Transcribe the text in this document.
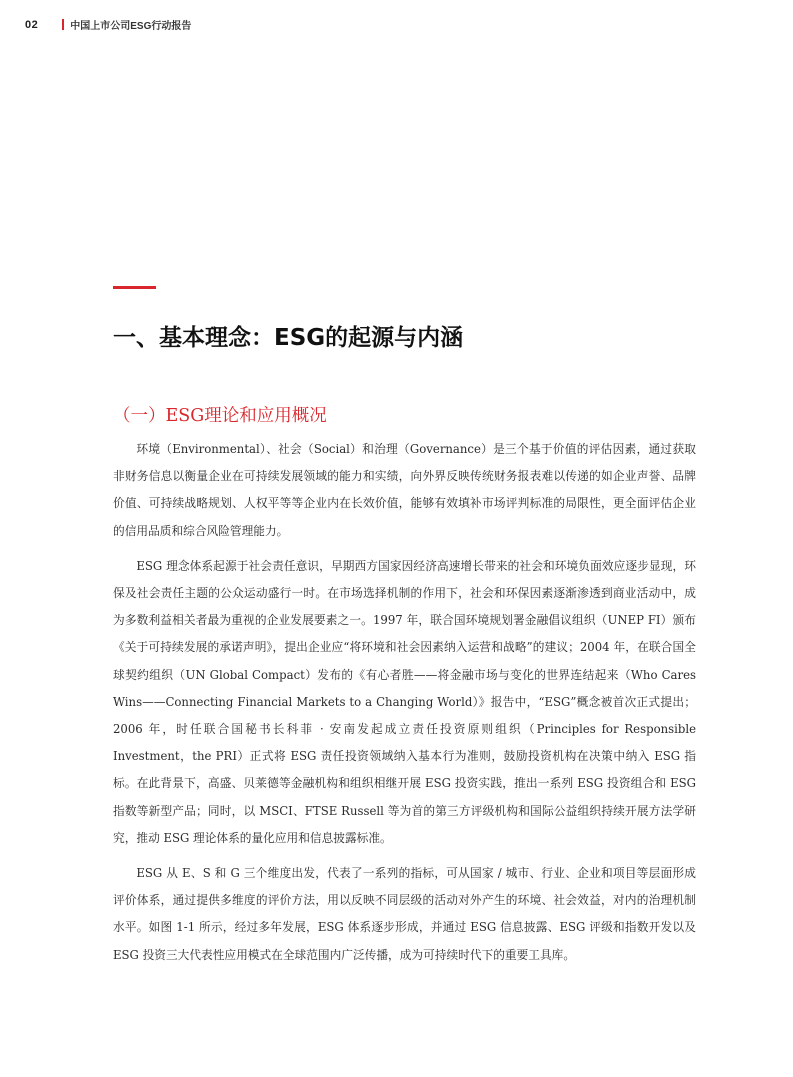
02	中国上市公司ESG行动报告
一、基本理念：ESG的起源与内涵
（一）ESG理论和应用概况

环境（Environmental）、社会（Social）和治理（Governance）是三个基于价值的评估因素，通过获取非财务信息以衡量企业在可持续发展领域的能力和实绩，向外界反映传统财务报表难以传递的如企业声誉、品牌价值、可持续战略规划、人权平等等企业内在长效价值，能够有效填补市场评判标准的局限性，更全面评估企业的信用品质和综合风险管理能力。

ESG 理念体系起源于社会责任意识，早期西方国家因经济高速增长带来的社会和环境负面效应逐步显现，环保及社会责任主题的公众运动盛行一时。在市场选择机制的作用下，社会和环保因素逐渐渗透到商业活动中，成为多数利益相关者最为重视的企业发展要素之一。1997 年，联合国环境规划署金融倡议组织（UNEP FI）颁布《关于可持续发展的承诺声明》，提出企业应“将环境和社会因素纳入运营和战略”的建议；2004 年，在联合国全球契约组织（UN Global Compact）发布的《有心者胜——将金融市场与变化的世界连结起来（Who Cares Wins——Connecting Financial Markets to a Changing World）》报告中，“ESG”概念被首次正式提出；2006 年，时任联合国秘书长科菲 · 安南发起成立责任投资原则组织（Principles for Responsible Investment，the PRI）正式将 ESG 责任投资领域纳入基本行为准则，鼓励投资机构在决策中纳入 ESG 指标。在此背景下，高盛、贝莱德等金融机构和组织相继开展 ESG 投资实践，推出一系列 ESG 投资组合和 ESG 指数等新型产品；同时，以 MSCI、FTSE Russell 等为首的第三方评级机构和国际公益组织持续开展方法学研究，推动 ESG 理论体系的量化应用和信息披露标准。

ESG 从 E、S 和 G 三个维度出发，代表了一系列的指标，可从国家 / 城市、行业、企业和项目等层面形成评价体系，通过提供多维度的评价方法，用以反映不同层级的活动对外产生的环境、社会效益，对内的治理机制水平。如图 1-1 所示，经过多年发展，ESG 体系逐步形成，并通过 ESG 信息披露、ESG 评级和指数开发以及 ESG 投资三大代表性应用模式在全球范围内广泛传播，成为可持续时代下的重要工具库。
